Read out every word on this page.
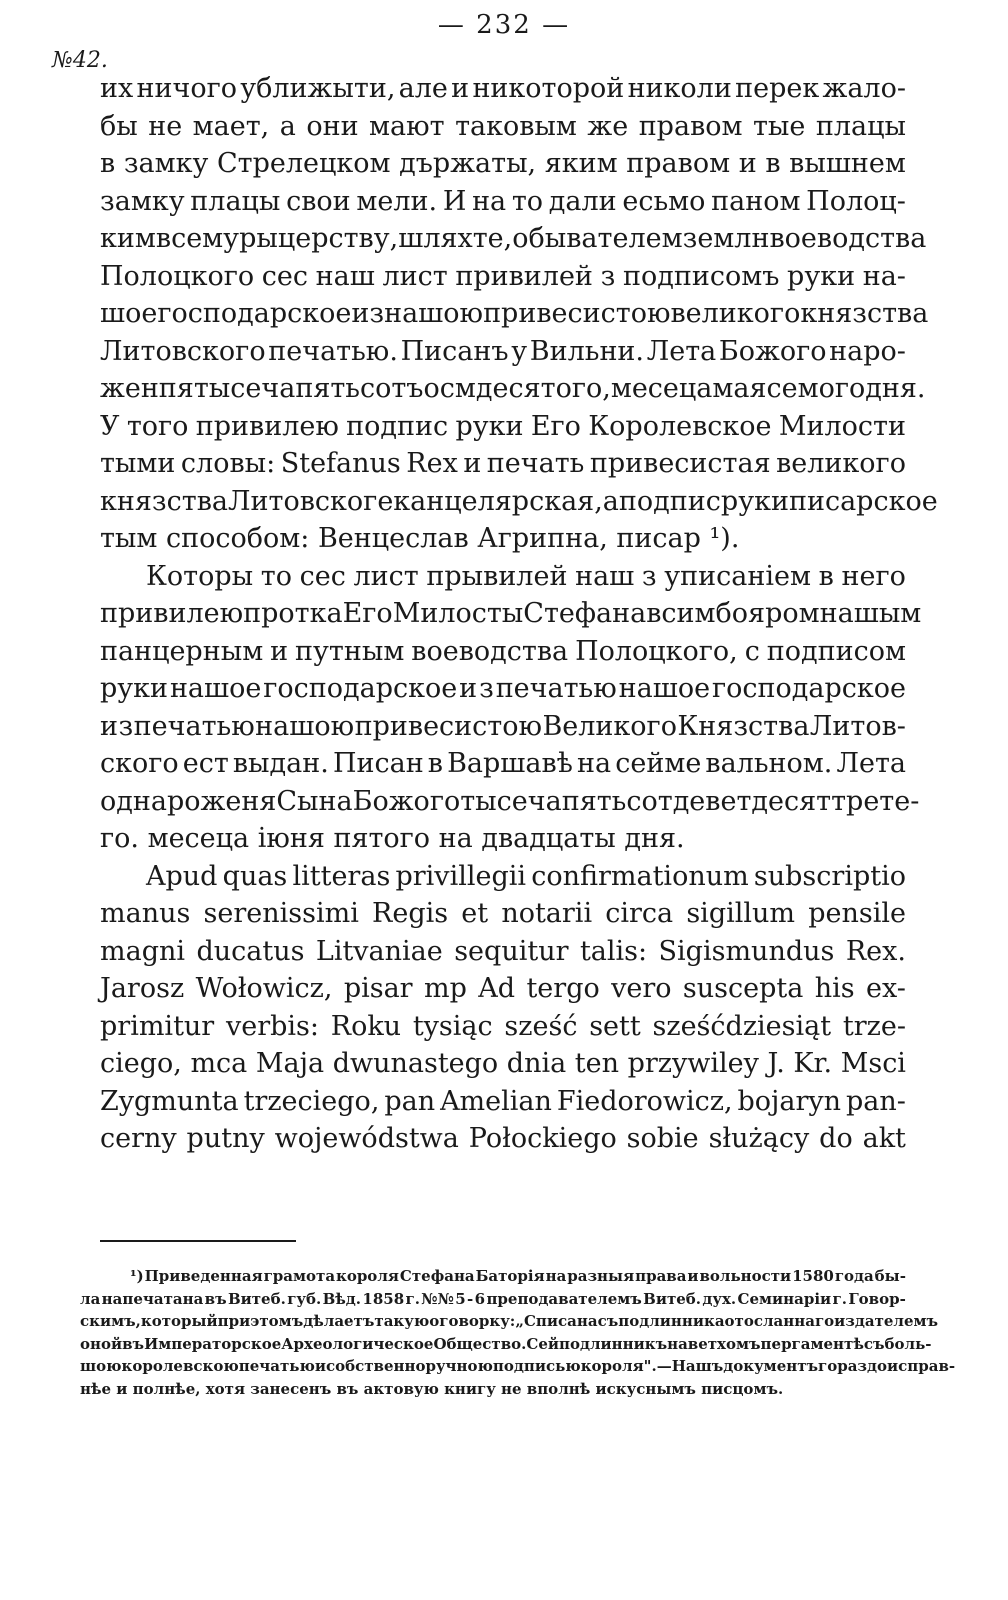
— 232 —
№42.
их ничого уближыти, але и никоторой николи перек жало-
бы не мает, а они мают таковым же правом тые плацы
в замку Стрелецком държаты, яким правом и в вышнем
замку плацы свои мели. И на то дали есьмо паном Полоц-
ким всему рыцерству, шляхте, обывателем землн воеводства
Полоцкого сес наш лист привилей з подписомъ руки на-
шое господарское и з нашою привесистою великого князства
Литовского печатью. Писанъ у Вильни. Лета Божого наро-
женпя тысеча пятьсотъ осмдесятого, месеца мая семого дня.
У того привилею подпис руки Его Королевское Милости
тыми словы: Stefanus Rex и печать привесистая великого
князства Литовскоге канцелярская, а подпис руки писарское
тым способом: Венцеслав Агрипна, писар ¹).
Которы то сес лист прывилей наш з уписанiем в него
привилею протка Его Милосты Стефана всим бояром нашым
панцерным и путным воеводства Полоцкого, с подписом
руки нашое господарское и з печатью нашое господарское
и з печатью нашою привесистою Великого Князства Литов-
ского ест выдан. Писан в Варшавѣ на сейме вальном. Лета
од нароженя Сына Божого тысеча пятьсот деветдесят трете-
го. месеца iюня пятого на двадцаты дня.
Apud quas litteras privillegii confirmationum subscriptio
manus serenissimi Regis et notarii circa sigillum pensile
magni ducatus Litvaniae sequitur talis: Sigismundus Rex.
Jarosz Wołowicz, pisar mp Ad tergo vero suscepta his ex-
primitur verbis: Roku tysiąc sześć sett sześćdziesiąt trze-
ciego, mca Maja dwunastego dnia ten przywiley J. Kr. Msci
Zygmunta trzeciego, pan Amelian Fiedorowicz, bojaryn pan-
cerny putny wojewódstwa Połockiego sobie służący do akt
¹) Приведенная грамота короля Стефана Баторія на разныя права и вольности 1580 года бы-
ла напечатана въ Витеб. губ. Вѣд. 1858 г. №№ 5 - 6 преподавателемъ Витеб. дух. Семинаріи г. Говор-
скимъ, который при этомъ дѣлаетъ такую оговорку: „Списана съ подлинника отосланнаго издателемъ
оной въ Императорское Археологическое Общество. Сей подлинникъ на ветхомъ пергаментѣ съ боль-
шою королевскою печатью и собственноручною подписью короля".—Нашъ документъ гораздо исправ-
нѣе и полнѣе, хотя занесенъ въ актовую книгу не вполнѣ искуснымъ писцомъ.
